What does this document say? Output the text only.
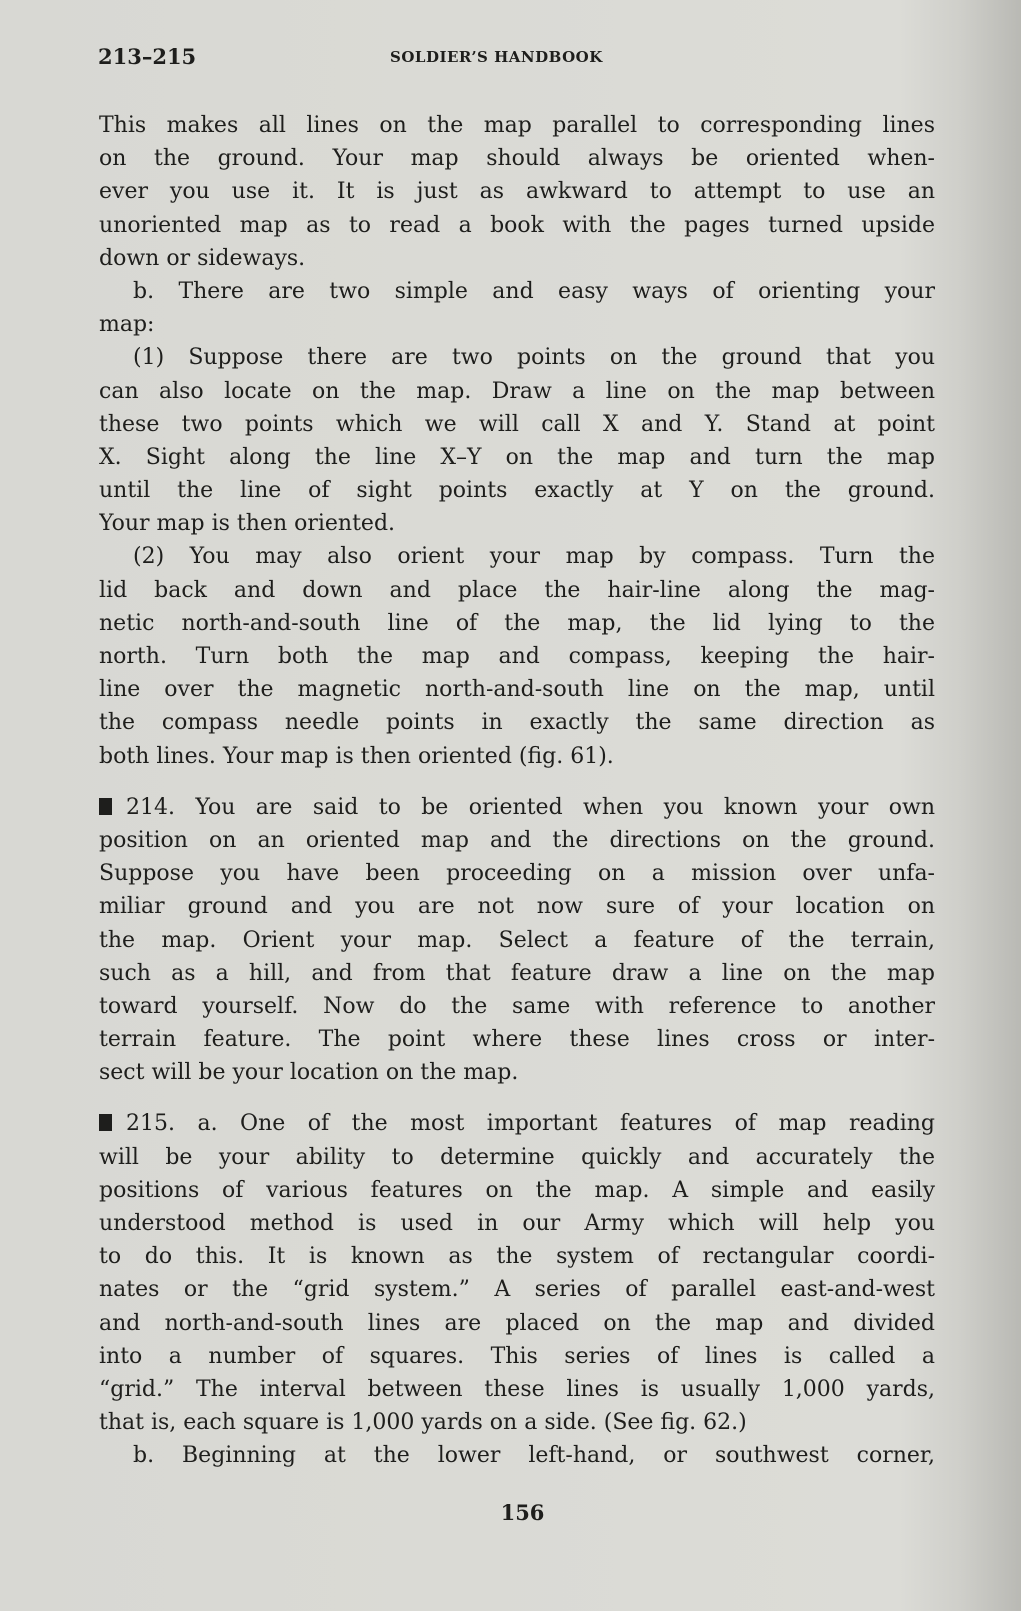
213–215	SOLDIER’S HANDBOOK
This makes all lines on the map parallel to corresponding lines
on the ground. Your map should always be oriented when-
ever you use it. It is just as awkward to attempt to use an
unoriented map as to read a book with the pages turned upside
down or sideways.
b. There are two simple and easy ways of orienting your
map:
(1) Suppose there are two points on the ground that you
can also locate on the map. Draw a line on the map between
these two points which we will call X and Y. Stand at point
X. Sight along the line X–Y on the map and turn the map
until the line of sight points exactly at Y on the ground.
Your map is then oriented.
(2) You may also orient your map by compass. Turn the
lid back and down and place the hair-line along the mag-
netic north-and-south line of the map, the lid lying to the
north. Turn both the map and compass, keeping the hair-
line over the magnetic north-and-south line on the map, until
the compass needle points in exactly the same direction as
both lines. Your map is then oriented (fig. 61).
214. You are said to be oriented when you known your own
position on an oriented map and the directions on the ground.
Suppose you have been proceeding on a mission over unfa-
miliar ground and you are not now sure of your location on
the map. Orient your map. Select a feature of the terrain,
such as a hill, and from that feature draw a line on the map
toward yourself. Now do the same with reference to another
terrain feature. The point where these lines cross or inter-
sect will be your location on the map.
215. a. One of the most important features of map reading
will be your ability to determine quickly and accurately the
positions of various features on the map. A simple and easily
understood method is used in our Army which will help you
to do this. It is known as the system of rectangular coordi-
nates or the “grid system.” A series of parallel east-and-west
and north-and-south lines are placed on the map and divided
into a number of squares. This series of lines is called a
“grid.” The interval between these lines is usually 1,000 yards,
that is, each square is 1,000 yards on a side. (See fig. 62.)
b. Beginning at the lower left-hand, or southwest corner,
156
